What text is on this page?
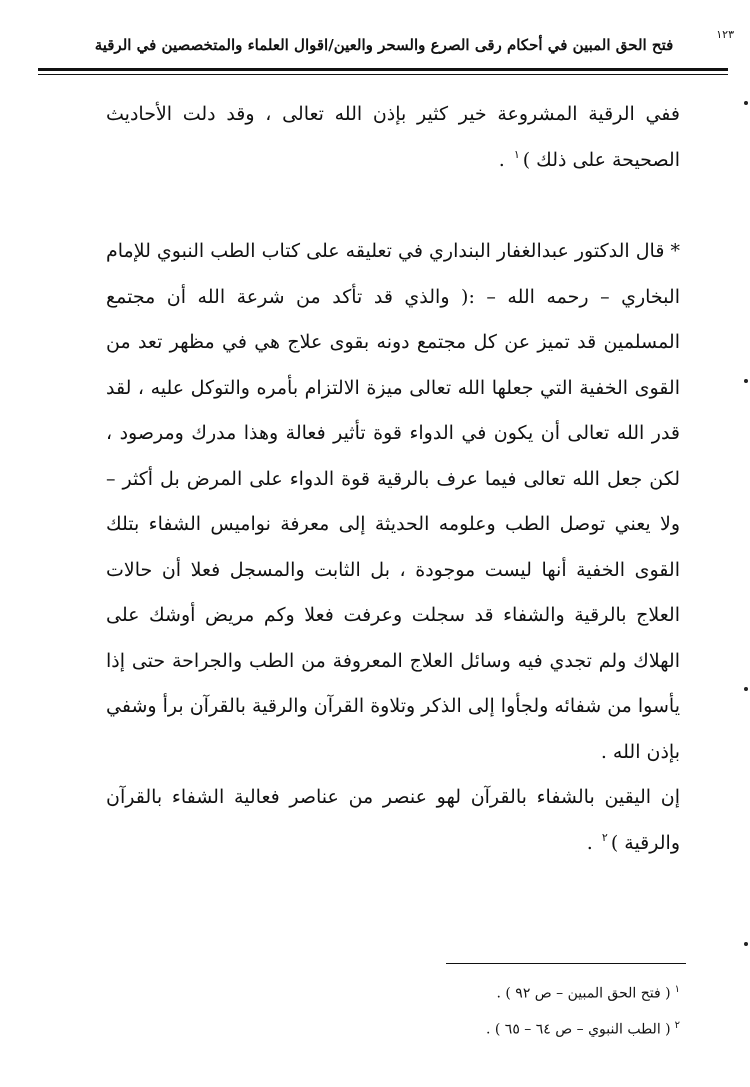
١٢٣
فتح الحق المبين في أحكام رقى الصرع والسحر والعين/اقوال العلماء والمتخصصين في الرقية

ففي الرقية المشروعة خير كثير بإذن الله تعالى ، وقد دلت الأحاديث الصحيحة على ذلك )$^١$ .

* قال الدكتور عبدالغفار البنداري في تعليقه على كتاب الطب النبوي للإمام البخاري – رحمه الله – :( والذي قد تأكد من شرعة الله أن مجتمع المسلمين قد تميز عن كل مجتمع دونه بقوى علاج هي في مظهر تعد من القوى الخفية التي جعلها الله تعالى ميزة الالتزام بأمره والتوكل عليه ، لقد قدر الله تعالى أن يكون في الدواء قوة تأثير فعالة وهذا مدرك ومرصود ، لكن جعل الله تعالى فيما عرف بالرقية قوة الدواء على المرض بل أكثر – ولا يعني توصل الطب وعلومه الحديثة إلى معرفة نواميس الشفاء بتلك القوى الخفية أنها ليست موجودة ، بل الثابت والمسجل فعلا أن حالات العلاج بالرقية والشفاء قد سجلت وعرفت فعلا وكم مريض أوشك على الهلاك ولم تجدي فيه وسائل العلاج المعروفة من الطب والجراحة حتى إذا يأسوا من شفائه ولجأوا إلى الذكر وتلاوة القرآن والرقية بالقرآن برأ وشفي بإذن الله .

إن اليقين بالشفاء بالقرآن لهو عنصر من عناصر فعالية الشفاء بالقرآن والرقية )$^٢$ .

$^١$( فتح الحق المبين – ص ٩٢ ) .
$^٢$( الطب النبوي – ص ٦٤ – ٦٥ ) .
